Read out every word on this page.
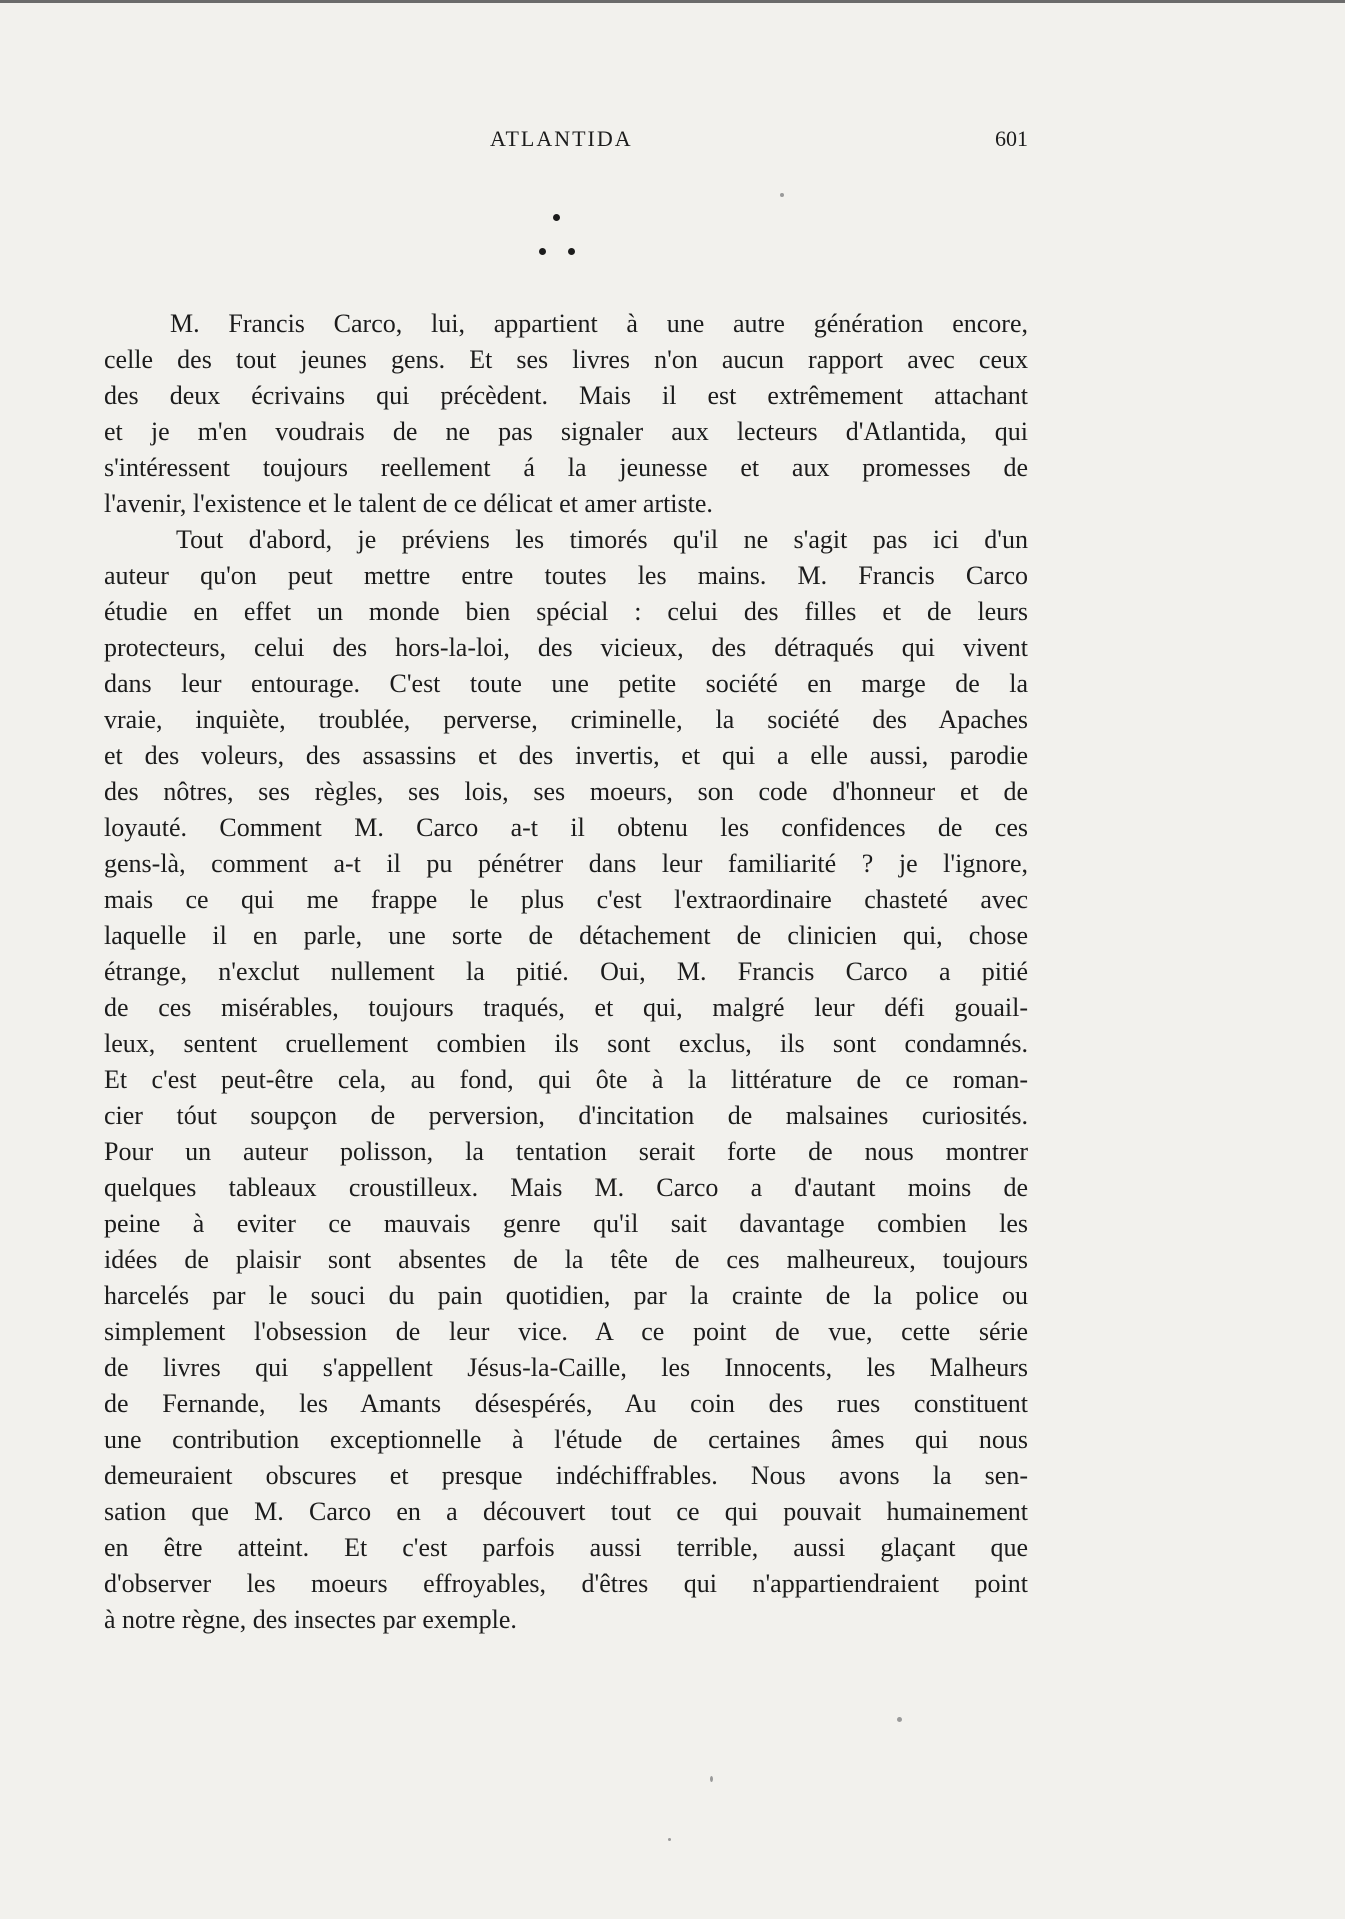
ATLANTIDA	601
M. Francis Carco, lui, appartient à une autre génération encore,
celle des tout jeunes gens. Et ses livres n'on aucun rapport avec ceux
des deux écrivains qui précèdent. Mais il est extrêmement attachant
et je m'en voudrais de ne pas signaler aux lecteurs d'Atlantida, qui
s'intéressent toujours reellement á la jeunesse et aux promesses de
l'avenir, l'existence et le talent de ce délicat et amer artiste.
Tout d'abord, je préviens les timorés qu'il ne s'agit pas ici d'un
auteur qu'on peut mettre entre toutes les mains. M. Francis Carco
étudie en effet un monde bien spécial : celui des filles et de leurs
protecteurs, celui des hors-la-loi, des vicieux, des détraqués qui vivent
dans leur entourage. C'est toute une petite société en marge de la
vraie, inquiète, troublée, perverse, criminelle, la société des Apaches
et des voleurs, des assassins et des invertis, et qui a elle aussi, parodie
des nôtres, ses règles, ses lois, ses moeurs, son code d'honneur et de
loyauté. Comment M. Carco a-t il obtenu les confidences de ces
gens-là, comment a-t il pu pénétrer dans leur familiarité ? je l'ignore,
mais ce qui me frappe le plus c'est l'extraordinaire chasteté avec
laquelle il en parle, une sorte de détachement de clinicien qui, chose
étrange, n'exclut nullement la pitié. Oui, M. Francis Carco a pitié
de ces misérables, toujours traqués, et qui, malgré leur défi gouail-
leux, sentent cruellement combien ils sont exclus, ils sont condamnés.
Et c'est peut-être cela, au fond, qui ôte à la littérature de ce roman-
cier tóut soupçon de perversion, d'incitation de malsaines curiosités.
Pour un auteur polisson, la tentation serait forte de nous montrer
quelques tableaux croustilleux. Mais M. Carco a d'autant moins de
peine à eviter ce mauvais genre qu'il sait davantage combien les
idées de plaisir sont absentes de la tête de ces malheureux, toujours
harcelés par le souci du pain quotidien, par la crainte de la police ou
simplement l'obsession de leur vice. A ce point de vue, cette série
de livres qui s'appellent Jésus-la-Caille, les Innocents, les Malheurs
de Fernande, les Amants désespérés, Au coin des rues constituent
une contribution exceptionnelle à l'étude de certaines âmes qui nous
demeuraient obscures et presque indéchiffrables. Nous avons la sen-
sation que M. Carco en a découvert tout ce qui pouvait humainement
en être atteint. Et c'est parfois aussi terrible, aussi glaçant que
d'observer les moeurs effroyables, d'êtres qui n'appartiendraient point
à notre règne, des insectes par exemple.
